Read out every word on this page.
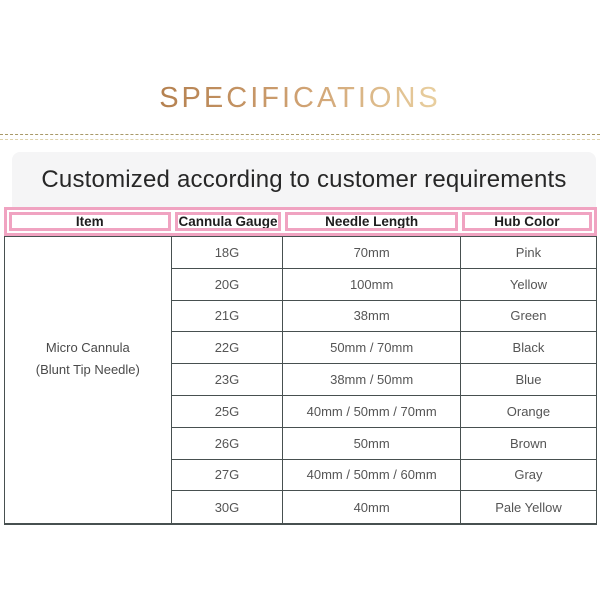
SPECIFICATIONS
Customized according to customer requirements
Item	Cannula Gauge	Needle Length	Hub Color
Micro Cannula
(Blunt Tip Needle)
18G	70mm	Pink
20G	100mm	Yellow
21G	38mm	Green
22G	50mm / 70mm	Black
23G	38mm / 50mm	Blue
25G	40mm / 50mm / 70mm	Orange
26G	50mm	Brown
27G	40mm / 50mm / 60mm	Gray
30G	40mm	Pale Yellow
